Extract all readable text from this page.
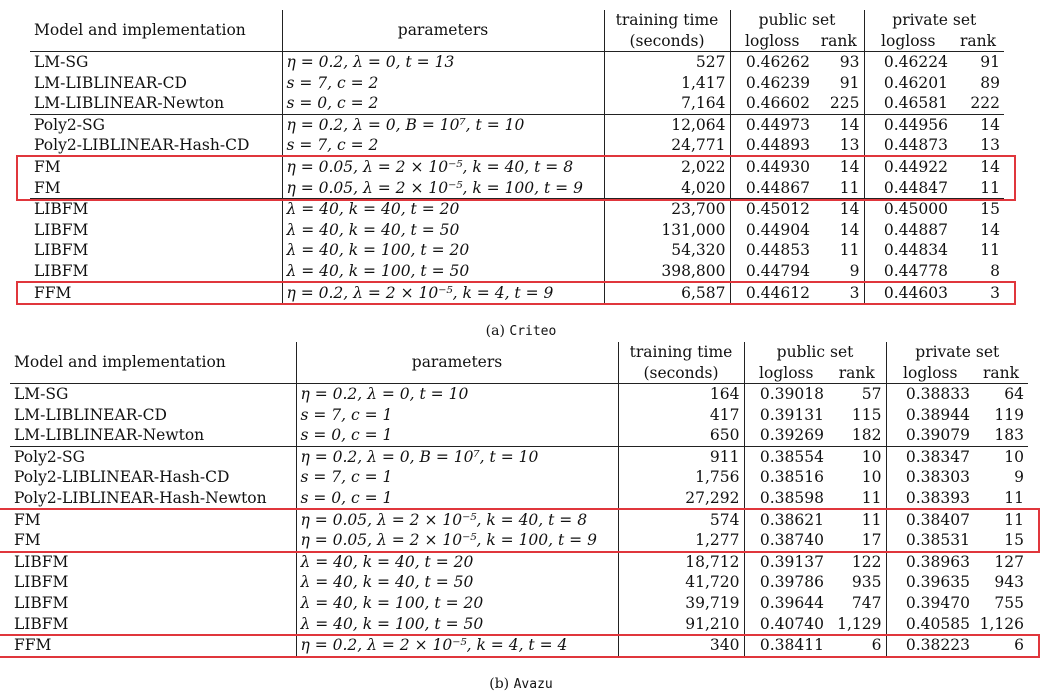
Model and implementation	parameters	training time	public set		private set	
		(seconds)	logloss	rank	logloss	rank
LM-SG	η = 0.2, λ = 0, t = 13	527	0.46262	93	0.46224	91
LM-LIBLINEAR-CD	s = 7, c = 2	1,417	0.46239	91	0.46201	89
LM-LIBLINEAR-Newton	s = 0, c = 2	7,164	0.46602	225	0.46581	222
Poly2-SG	η = 0.2, λ = 0, B = 10⁷, t = 10	12,064	0.44973	14	0.44956	14
Poly2-LIBLINEAR-Hash-CD	s = 7, c = 2	24,771	0.44893	13	0.44873	13
FM	η = 0.05, λ = 2 × 10⁻⁵, k = 40, t = 8	2,022	0.44930	14	0.44922	14
FM	η = 0.05, λ = 2 × 10⁻⁵, k = 100, t = 9	4,020	0.44867	11	0.44847	11
LIBFM	λ = 40, k = 40, t = 20	23,700	0.45012	14	0.45000	15
LIBFM	λ = 40, k = 40, t = 50	131,000	0.44904	14	0.44887	14
LIBFM	λ = 40, k = 100, t = 20	54,320	0.44853	11	0.44834	11
LIBFM	λ = 40, k = 100, t = 50	398,800	0.44794	9	0.44778	8
FFM	η = 0.2, λ = 2 × 10⁻⁵, k = 4, t = 9	6,587	0.44612	3	0.44603	3
(a) Criteo
Model and implementation	parameters	training time	public set		private set	
		(seconds)	logloss	rank	logloss	rank
LM-SG	η = 0.2, λ = 0, t = 10	164	0.39018	57	0.38833	64
LM-LIBLINEAR-CD	s = 7, c = 1	417	0.39131	115	0.38944	119
LM-LIBLINEAR-Newton	s = 0, c = 1	650	0.39269	182	0.39079	183
Poly2-SG	η = 0.2, λ = 0, B = 10⁷, t = 10	911	0.38554	10	0.38347	10
Poly2-LIBLINEAR-Hash-CD	s = 7, c = 1	1,756	0.38516	10	0.38303	9
Poly2-LIBLINEAR-Hash-Newton	s = 0, c = 1	27,292	0.38598	11	0.38393	11
FM	η = 0.05, λ = 2 × 10⁻⁵, k = 40, t = 8	574	0.38621	11	0.38407	11
FM	η = 0.05, λ = 2 × 10⁻⁵, k = 100, t = 9	1,277	0.38740	17	0.38531	15
LIBFM	λ = 40, k = 40, t = 20	18,712	0.39137	122	0.38963	127
LIBFM	λ = 40, k = 40, t = 50	41,720	0.39786	935	0.39635	943
LIBFM	λ = 40, k = 100, t = 20	39,719	0.39644	747	0.39470	755
LIBFM	λ = 40, k = 100, t = 50	91,210	0.40740	1,129	0.40585	1,126
FFM	η = 0.2, λ = 2 × 10⁻⁵, k = 4, t = 4	340	0.38411	6	0.38223	6
(b) Avazu
